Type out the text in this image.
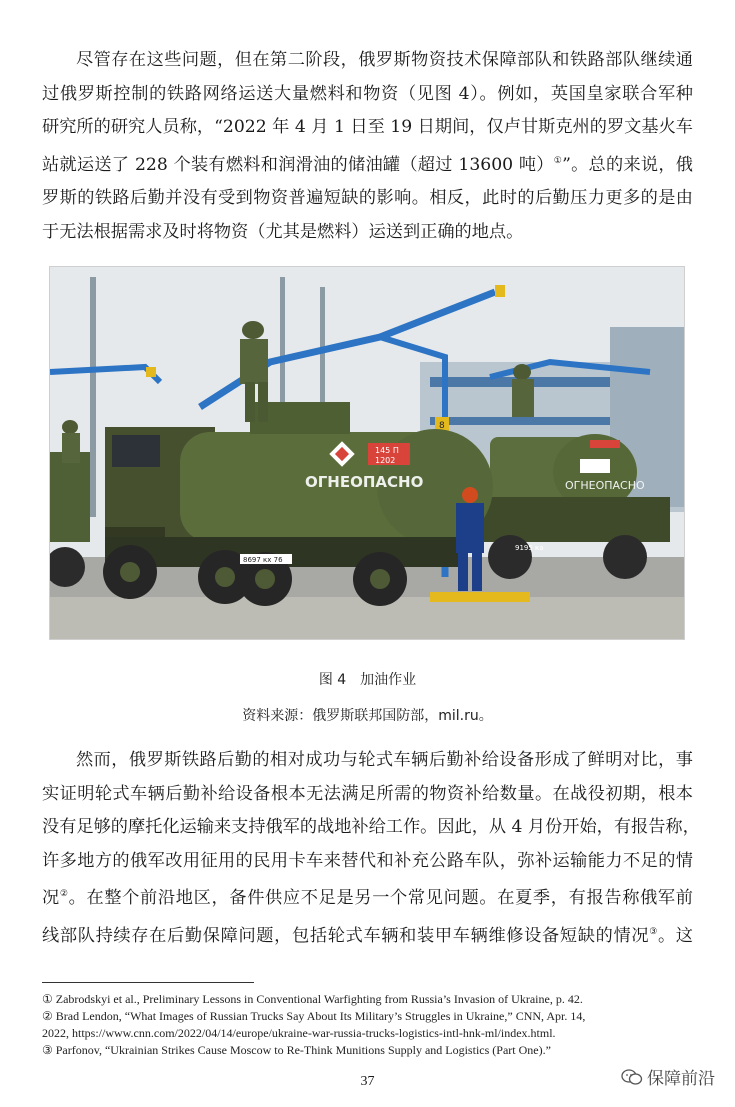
尽管存在这些问题，但在第二阶段，俄罗斯物资技术保障部队和铁路部队继续通
过俄罗斯控制的铁路网络运送大量燃料和物资（见图 4）。例如，英国皇家联合军种
研究所的研究人员称，“2022 年 4 月 1 日至 19 日期间，仅卢甘斯克州的罗文基火车
站就运送了 228 个装有燃料和润滑油的储油罐（超过 13600 吨）①”。总的来说，俄
罗斯的铁路后勤并没有受到物资普遍短缺的影响。相反，此时的后勤压力更多的是由
于无法根据需求及时将物资（尤其是燃料）运送到正确的地点。
ОГНЕОПАСНО
9195 ка
145 П
1202
ОГНЕОПАСНО
8697 кх 76
8
图 4　加油作业
资料来源：俄罗斯联邦国防部，mil.ru。
然而，俄罗斯铁路后勤的相对成功与轮式车辆后勤补给设备形成了鲜明对比，事
实证明轮式车辆后勤补给设备根本无法满足所需的物资补给数量。在战役初期，根本
没有足够的摩托化运输来支持俄军的战地补给工作。因此，从 4 月份开始，有报告称，
许多地方的俄军改用征用的民用卡车来替代和补充公路车队，弥补运输能力不足的情
况②。在整个前沿地区，备件供应不足是另一个常见问题。在夏季，有报告称俄军前
线部队持续存在后勤保障问题，包括轮式车辆和装甲车辆维修设备短缺的情况③。这
① Zabrodskyi et al., Preliminary Lessons in Conventional Warfighting from Russia’s Invasion of Ukraine, p. 42.
② Brad Lendon, “What Images of Russian Trucks Say About Its Military’s Struggles in Ukraine,” CNN, Apr. 14,
2022, https://www.cnn.com/2022/04/14/europe/ukraine-war-russia-trucks-logistics-intl-hnk-ml/index.html.
③ Parfonov, “Ukrainian Strikes Cause Moscow to Re-Think Munitions Supply and Logistics (Part One).”
37	保障前沿
